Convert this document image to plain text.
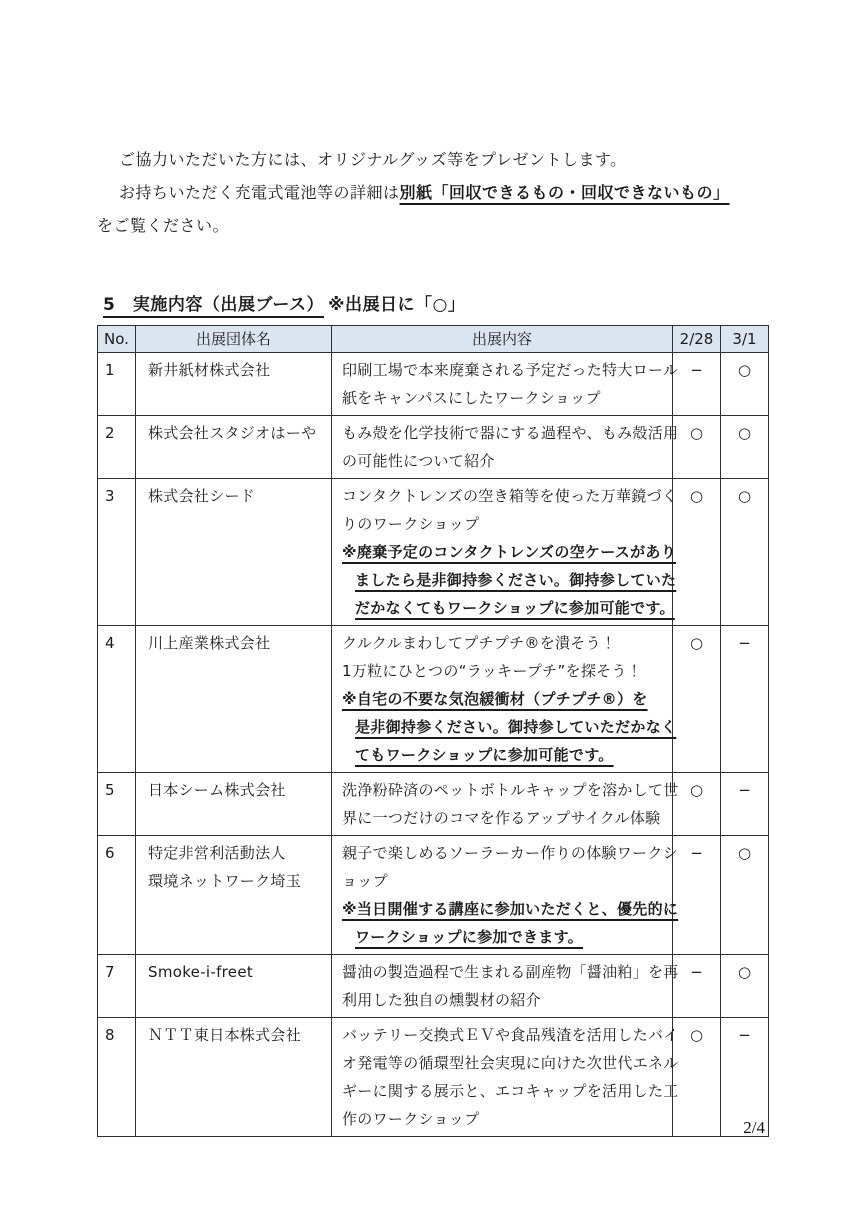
ご協力いただいた方には、オリジナルグッズ等をプレゼントします。

お持ちいただく充電式電池等の詳細は別紙「回収できるもの・回収できないもの」

をご覧ください。

5　実施内容（出展ブース） ※出展日に「○」
No.	出展団体名	出展内容	2/28	3/1
1	新井紙材株式会社	印刷工場で本来廃棄される予定だった特大ロール
紙をキャンパスにしたワークショップ	−	○
2	株式会社スタジオはーや	もみ殻を化学技術で器にする過程や、もみ殻活用
の可能性について紹介	○	○
3	株式会社シード	コンタクトレンズの空き箱等を使った万華鏡づく
りのワークショップ
※廃棄予定のコンタクトレンズの空ケースがあり
ましたら是非御持参ください。御持参していた
だかなくてもワークショップに参加可能です。	○	○
4	川上産業株式会社	クルクルまわしてプチプチ®を潰そう！
1万粒にひとつの“ラッキープチ”を探そう！
※自宅の不要な気泡緩衝材（プチプチ®）を
是非御持参ください。御持参していただかなく
てもワークショップに参加可能です。	○	−
5	日本シーム株式会社	洗浄粉砕済のペットボトルキャップを溶かして世
界に一つだけのコマを作るアップサイクル体験	○	−
6	特定非営利活動法人
環境ネットワーク埼玉

親子で楽しめるソーラーカー作りの体験ワークシ
ョップ
※当日開催する講座に参加いただくと、優先的に
ワークショップに参加できます。
	−	○
7	Smoke-i-freet	醤油の製造過程で生まれる副産物「醤油粕」を再
利用した独自の燻製材の紹介	−	○
8	ＮＴＴ東日本株式会社	バッテリー交換式ＥＶや食品残渣を活用したバイ
オ発電等の循環型社会実現に向けた次世代エネル
ギーに関する展示と、エコキャップを活用した工
作のワークショップ	○	−
2/4
